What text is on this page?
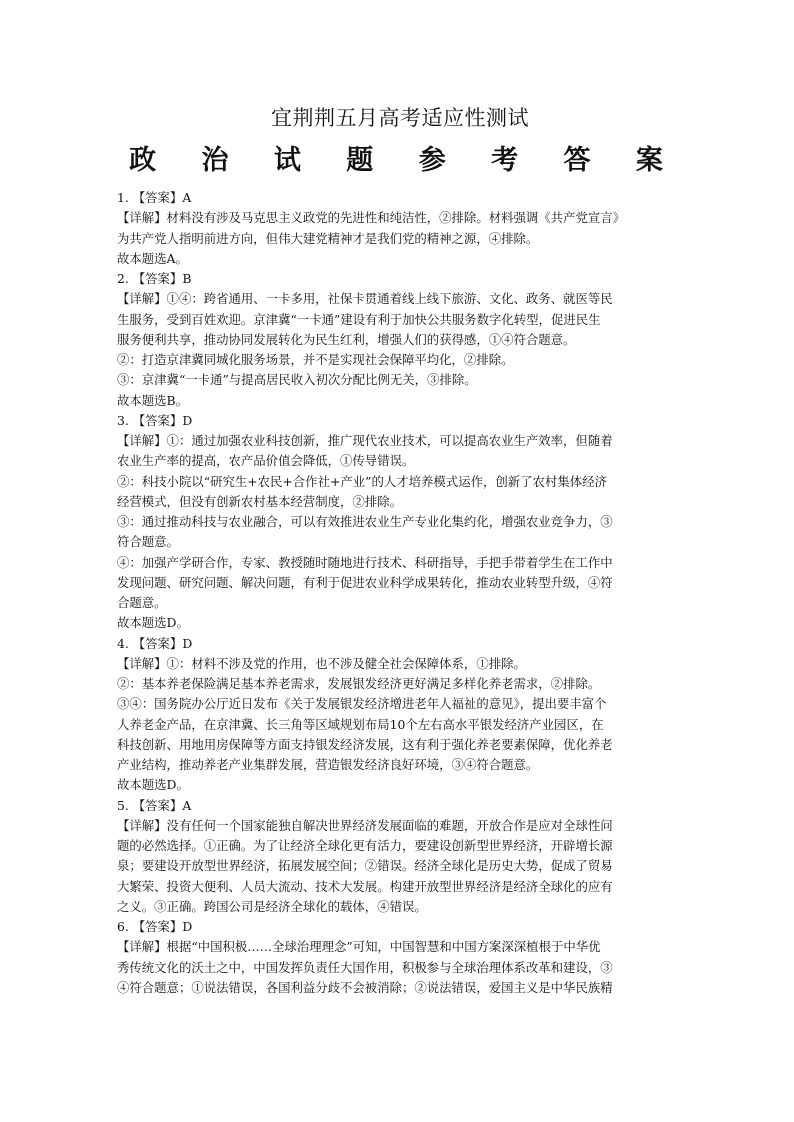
宜荆荆五月高考适应性测试
政 治 试 题 参 考 答 案
1. 【答案】A
【详解】材料没有涉及马克思主义政党的先进性和纯洁性，②排除。材料强调《共产党宣言》
为共产党人指明前进方向，但伟大建党精神才是我们党的精神之源，④排除。
故本题选A。
2. 【答案】B
【详解】①④：跨省通用、一卡多用，社保卡贯通着线上线下旅游、文化、政务、就医等民
生服务，受到百姓欢迎。京津冀“一卡通”建设有利于加快公共服务数字化转型，促进民生
服务便利共享，推动协同发展转化为民生红利，增强人们的获得感，①④符合题意。
②：打造京津冀同城化服务场景，并不是实现社会保障平均化，②排除。
③：京津冀“一卡通”与提高居民收入初次分配比例无关，③排除。
故本题选B。
3. 【答案】D
【详解】①：通过加强农业科技创新，推广现代农业技术，可以提高农业生产效率，但随着
农业生产率的提高，农产品价值会降低，①传导错误。
②：科技小院以“研究生+农民+合作社+产业”的人才培养模式运作，创新了农村集体经济
经营模式，但没有创新农村基本经营制度，②排除。
③：通过推动科技与农业融合，可以有效推进农业生产专业化集约化，增强农业竞争力，③
符合题意。
④：加强产学研合作，专家、教授随时随地进行技术、科研指导，手把手带着学生在工作中
发现问题、研究问题、解决问题，有利于促进农业科学成果转化，推动农业转型升级，④符
合题意。
故本题选D。
4. 【答案】D
【详解】①：材料不涉及党的作用，也不涉及健全社会保障体系，①排除。
②：基本养老保险满足基本养老需求，发展银发经济更好满足多样化养老需求，②排除。
③④：国务院办公厅近日发布《关于发展银发经济增进老年人福祉的意见》，提出要丰富个
人养老金产品，在京津冀、长三角等区域规划布局10个左右高水平银发经济产业园区，在
科技创新、用地用房保障等方面支持银发经济发展，这有利于强化养老要素保障，优化养老
产业结构，推动养老产业集群发展，营造银发经济良好环境，③④符合题意。
故本题选D。
5. 【答案】A
【详解】没有任何一个国家能独自解决世界经济发展面临的难题，开放合作是应对全球性问
题的必然选择。①正确。为了让经济全球化更有活力，要建设创新型世界经济，开辟增长源
泉；要建设开放型世界经济，拓展发展空间；②错误。经济全球化是历史大势，促成了贸易
大繁荣、投资大便利、人员大流动、技术大发展。构建开放型世界经济是经济全球化的应有
之义。③正确。跨国公司是经济全球化的载体，④错误。
6. 【答案】D
【详解】根据“中国积极……全球治理理念”可知，中国智慧和中国方案深深植根于中华优
秀传统文化的沃土之中，中国发挥负责任大国作用，积极参与全球治理体系改革和建设，③
④符合题意；①说法错误，各国利益分歧不会被消除；②说法错误，爱国主义是中华民族精
